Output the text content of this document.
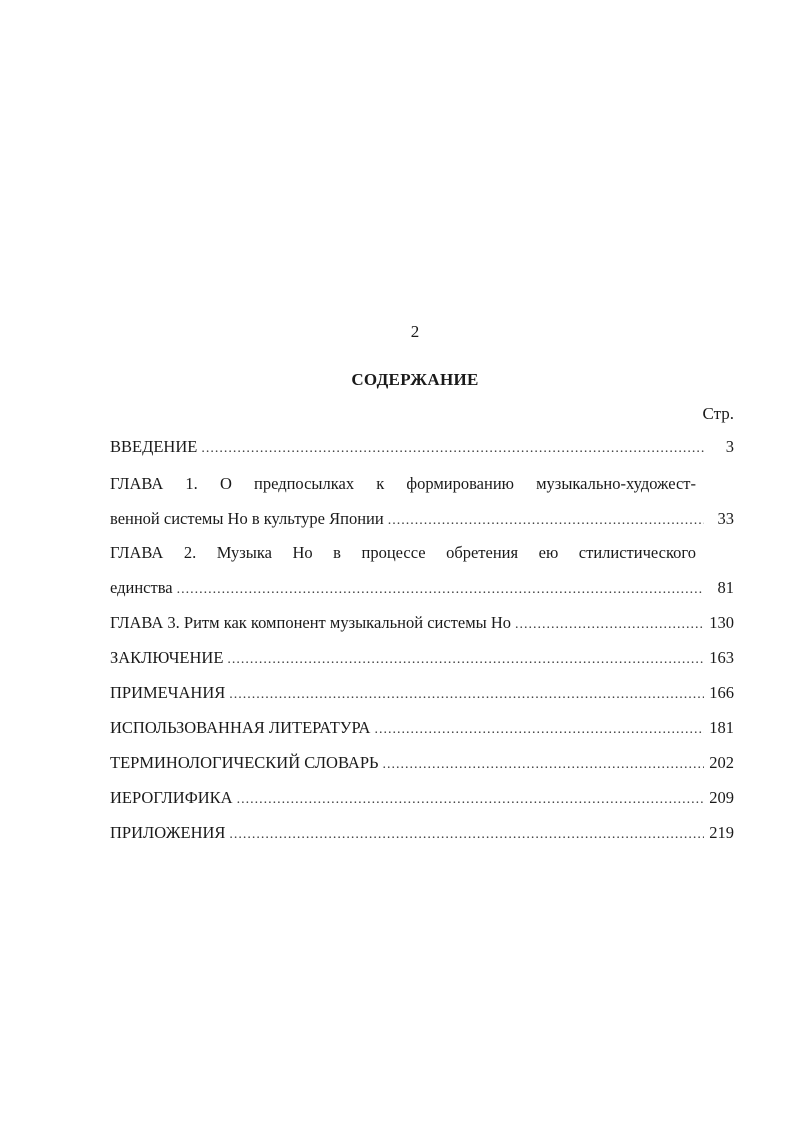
2
СОДЕРЖАНИЕ
Стр.
ВВЕДЕНИЕ .....	3
ГЛАВА 1. О предпосылках к формированию музыкально-художест-
венной системы Но в культуре Японии .....	33
ГЛАВА 2. Музыка Но в процессе обретения ею стилистического
единства .....	81
ГЛАВА 3. Ритм как компонент музыкальной системы Но .....	130
ЗАКЛЮЧЕНИЕ .....	163
ПРИМЕЧАНИЯ .....	166
ИСПОЛЬЗОВАННАЯ ЛИТЕРАТУРА .....	181
ТЕРМИНОЛОГИЧЕСКИЙ СЛОВАРЬ .....	202
ИЕРОГЛИФИКА .....	209
ПРИЛОЖЕНИЯ .....	219
